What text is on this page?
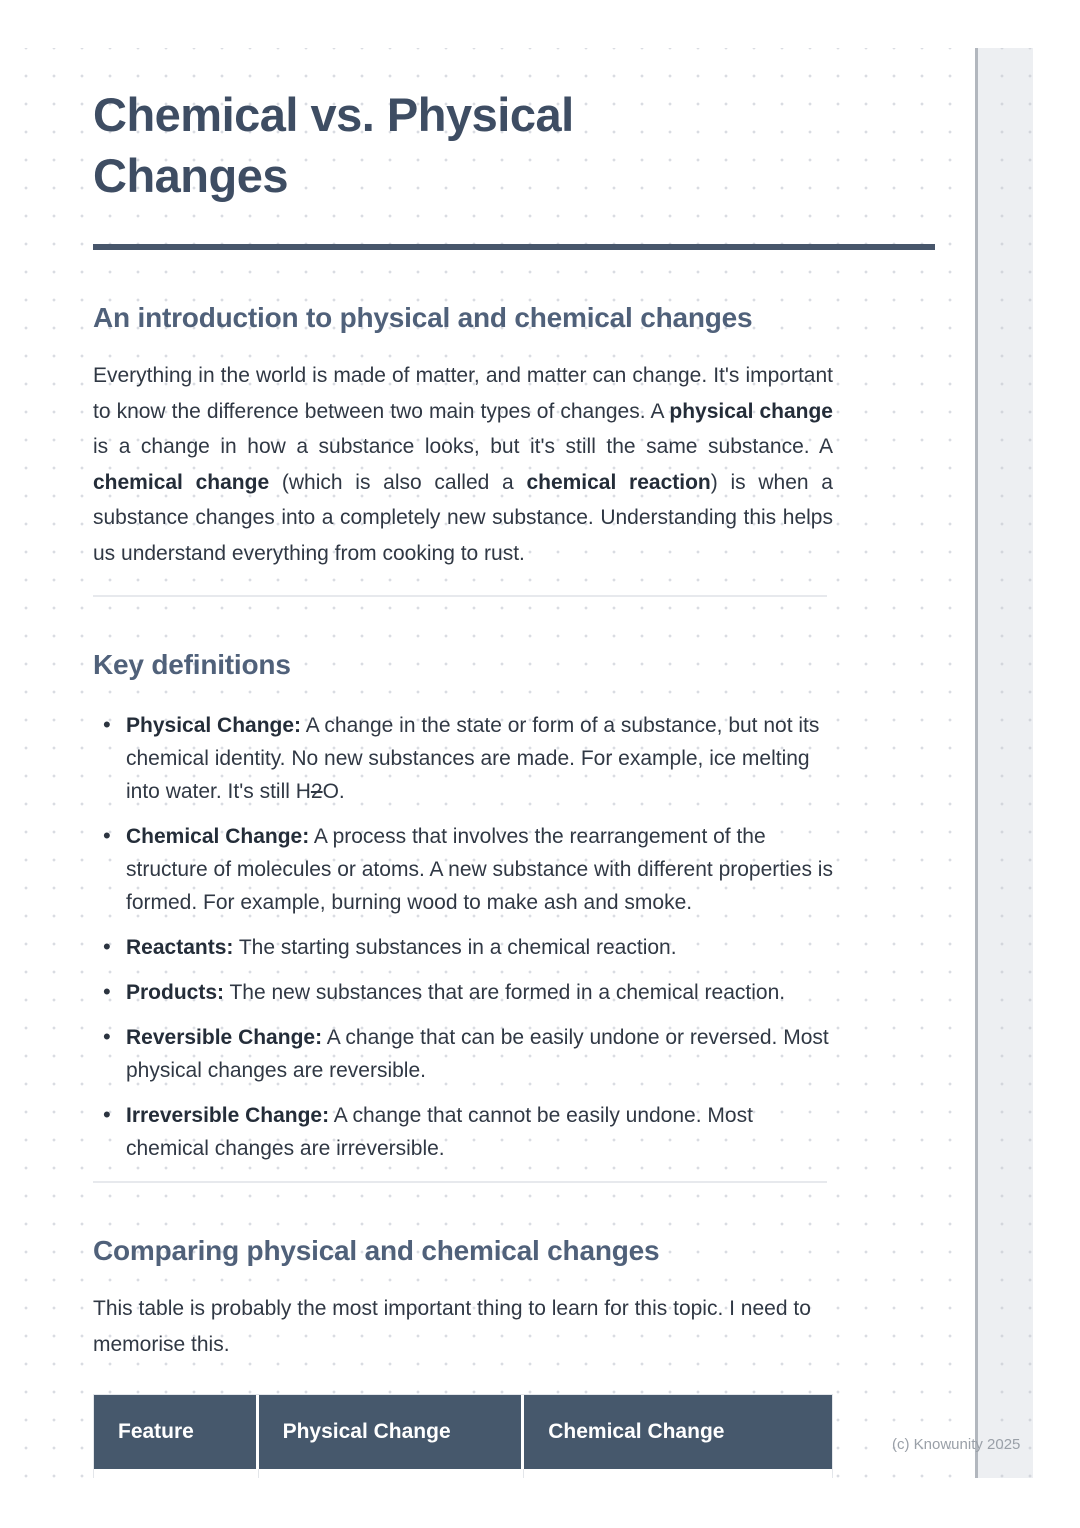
Chemical vs. Physical Changes
An introduction to physical and chemical changes

Everything in the world is made of matter, and matter can change. It's important to know the difference between two main types of changes. A physical change is a change in how a substance looks, but it's still the same substance. A chemical change (which is also called a chemical reaction) is when a substance changes into a completely new substance. Understanding this helps us understand everything from cooking to rust.

Key definitions
• Physical Change: A change in the state or form of a substance, but not its chemical identity. No new substances are made. For example, ice melting into water. It's still H2O.
• Chemical Change: A process that involves the rearrangement of the structure of molecules or atoms. A new substance with different properties is formed. For example, burning wood to make ash and smoke.
• Reactants: The starting substances in a chemical reaction.
• Products: The new substances that are formed in a chemical reaction.
• Reversible Change: A change that can be easily undone or reversed. Most physical changes are reversible.
• Irreversible Change: A change that cannot be easily undone. Most chemical changes are irreversible.
Comparing physical and chemical changes

This table is probably the most important thing to learn for this topic. I need to memorise this.

Feature	Physical Change	Chemical Change

(c) Knowunity 2025
